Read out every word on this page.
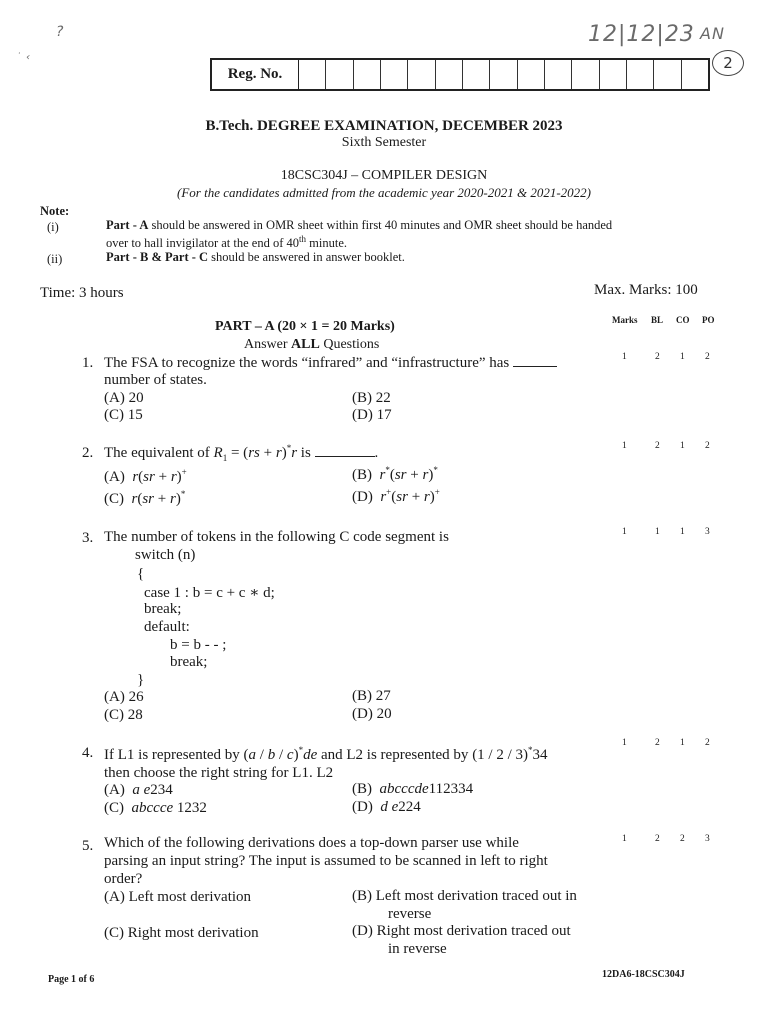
?
˙ ‹
12|12|23 AN
2
Reg. No.
B.Tech. DEGREE EXAMINATION, DECEMBER 2023
Sixth Semester
18CSC304J – COMPILER DESIGN
(For the candidates admitted from the academic year 2020-2021 & 2021-2022)
Note:
(i)	Part - A should be answered in OMR sheet within first 40 minutes and OMR sheet should be handed
over to hall invigilator at the end of 40th minute.
(ii)	Part - B & Part - C should be answered in answer booklet.
Time: 3 hours	Max. Marks: 100
PART – A (20 × 1 = 20 Marks)
Answer ALL Questions
Marks BL CO PO
1. The FSA to recognize the words “infrared” and “infrastructure” has
number of states.
(A) 20	(B) 22
(C) 15	(D) 17
1	2 1 2
2. The equivalent of $R_1 = (rs + r)^*r$ is	.
(A) r(sr + r)+	(B) r*(sr + r)*
(C) r(sr + r)*	(D) r+(sr + r)+
1	2 1 2
3. The number of tokens in the following C code segment is
switch (n)
{
case 1 : b = c + c ∗ d;
break;
default:
b = b - - ;
break;
}
(A) 26	(B) 27
(C) 28	(D) 20
1	1 1 3
4. If L1 is represented by (a / b / c)*de and L2 is represented by (1 / 2 / 3)*34
then choose the right string for L1. L2
(A) a e234	(B) abcccde112334
(C) abccce 1232	(D) d e224
1	2 1 2
5. Which of the following derivations does a top-down parser use while
parsing an input string? The input is assumed to be scanned in left to right
order?
(A) Left most derivation	(B) Left most derivation traced out in
reverse
(C) Right most derivation	(D) Right most derivation traced out
in reverse
1	2 2 3
Page 1 of 6	12DA6-18CSC304J
